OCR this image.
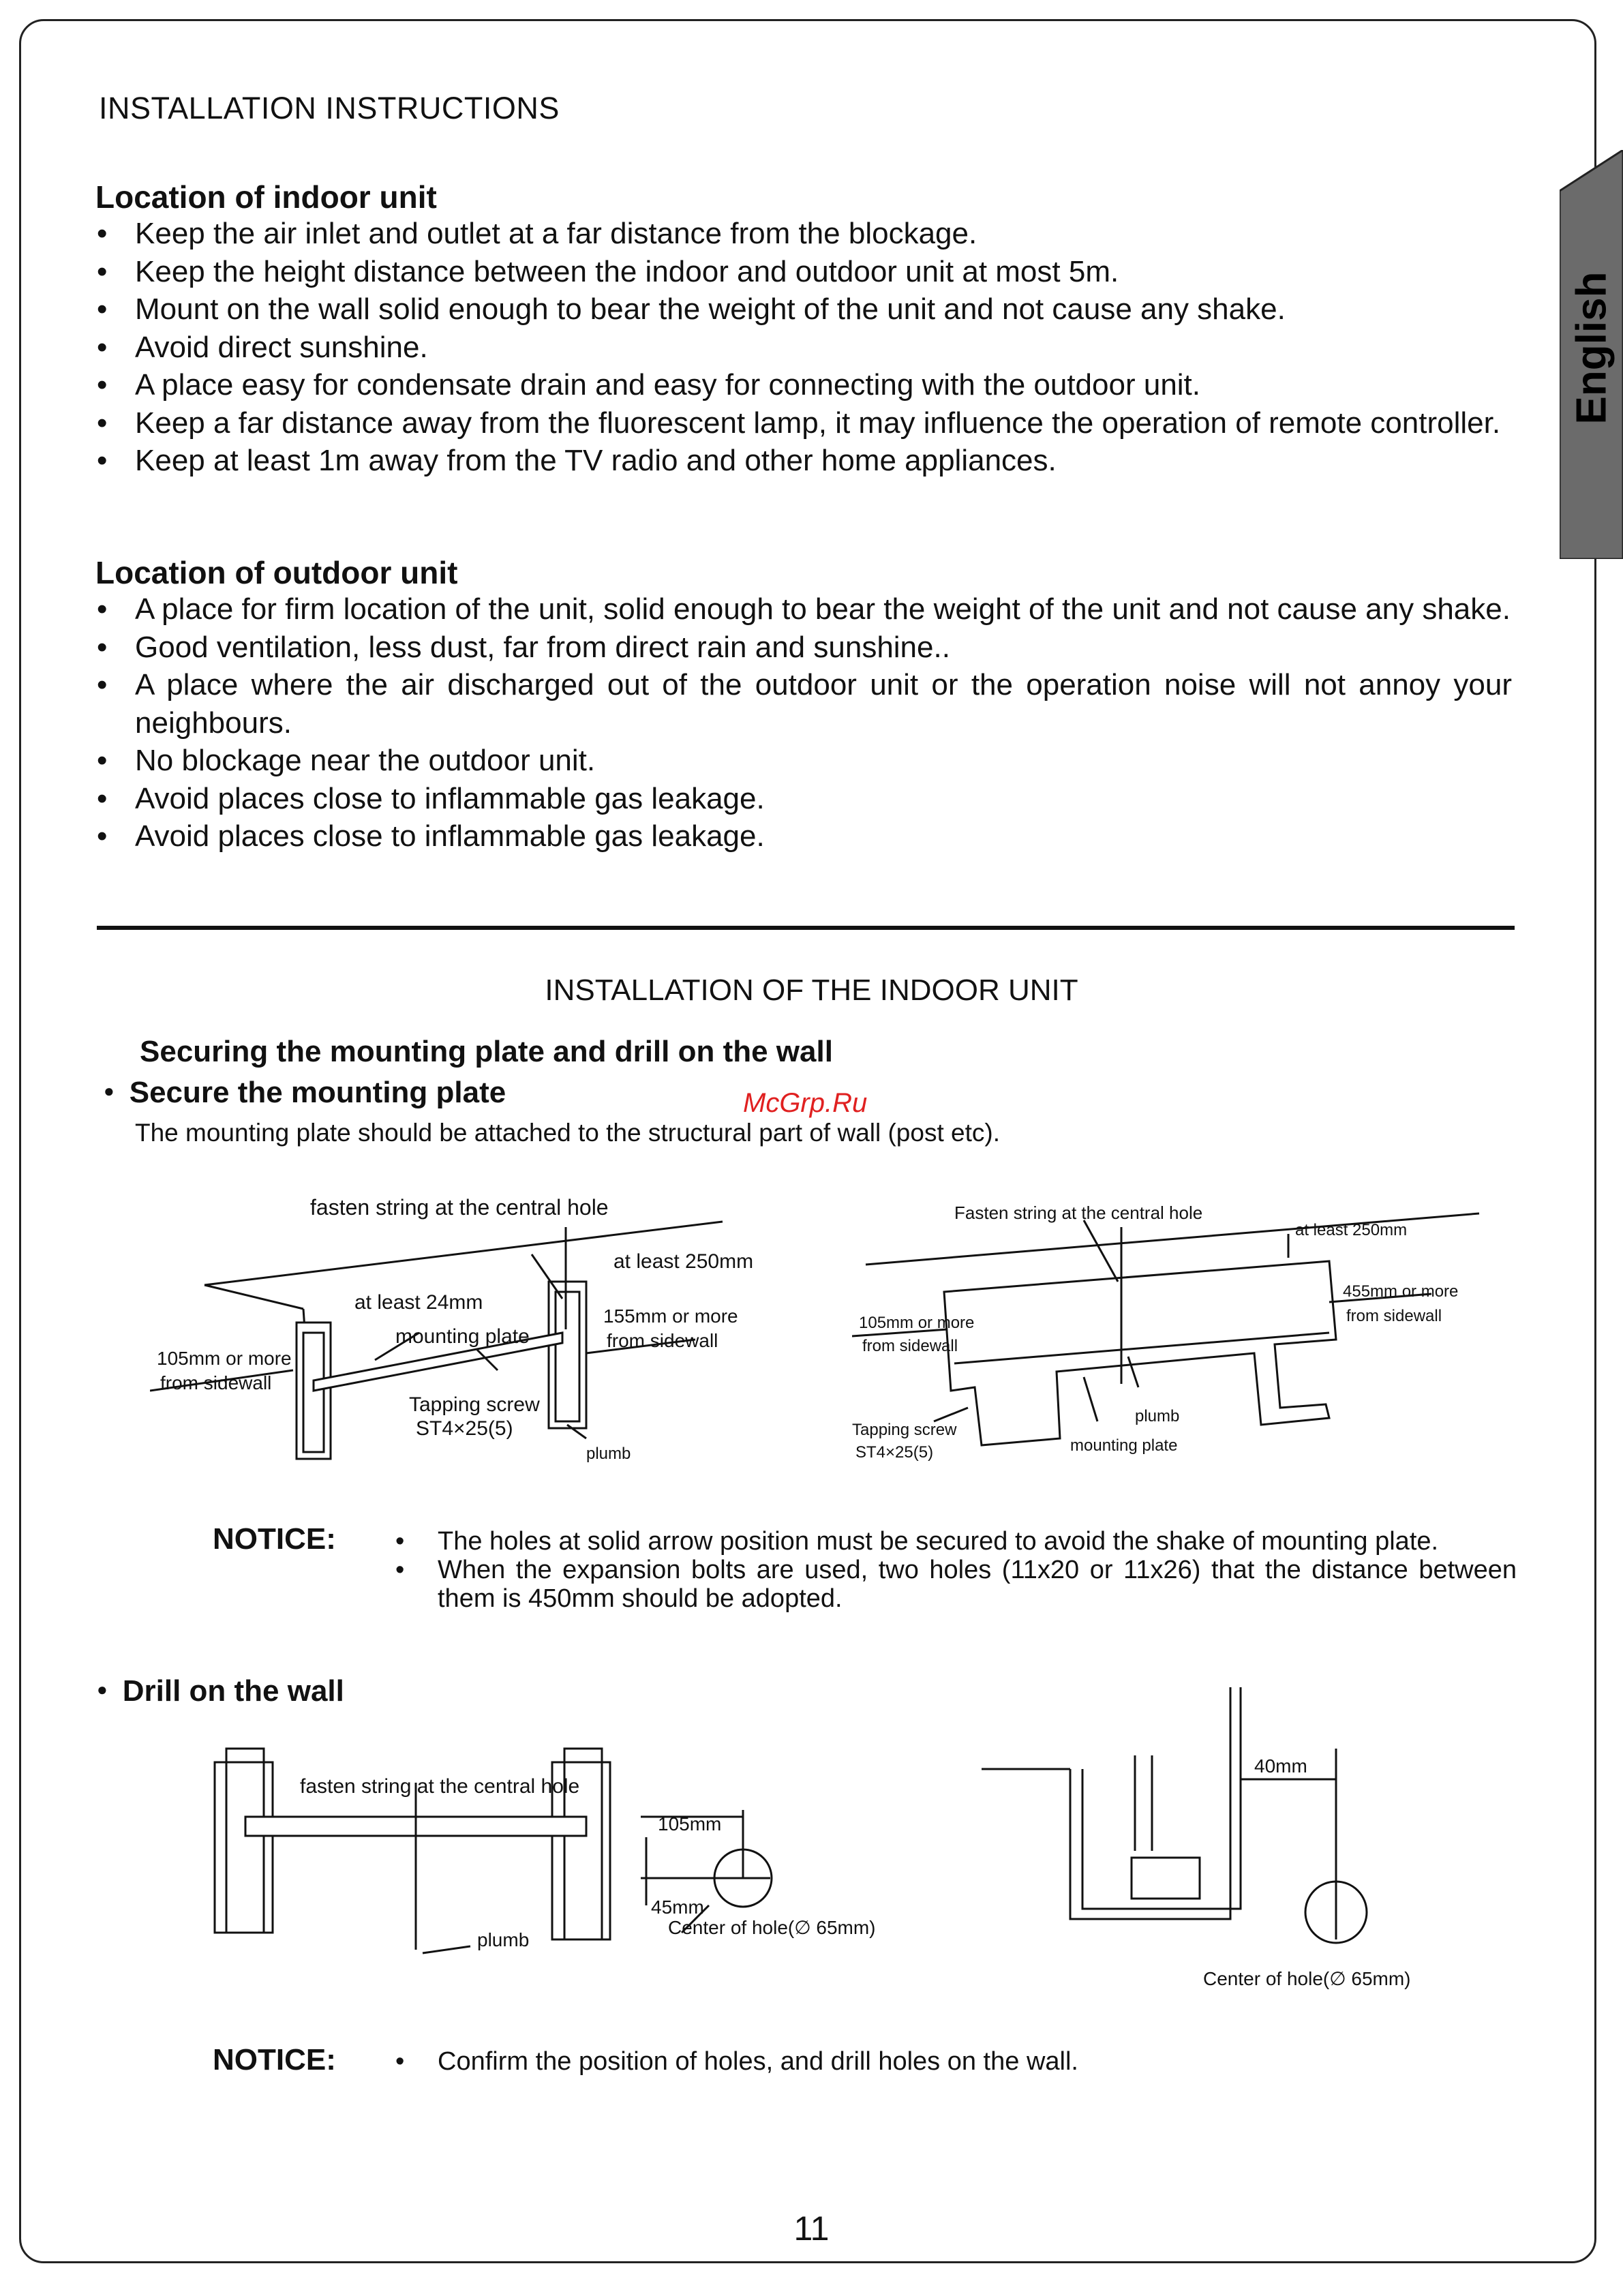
English
INSTALLATION INSTRUCTIONS
Location of indoor unit
• Keep the air inlet and outlet at a far distance from the blockage.
• Keep the height distance between the indoor and outdoor unit at most 5m.
• Mount on the wall solid enough to bear the weight of the unit and not cause any shake.
• Avoid direct sunshine.
• A place easy for condensate drain and easy for connecting with the outdoor unit.
• Keep a far distance away from the fluorescent lamp, it may influence the operation of remote controller.
• Keep at least 1m away from the TV radio and other home appliances.
Location of outdoor unit
• A place for firm location of the unit, solid enough to bear the weight of the unit and not cause any shake.
• Good ventilation, less dust, far from direct rain and sunshine..
• A place where the air discharged out of the outdoor unit or the operation noise will not annoy your neighbours.
• No blockage near the outdoor unit.
• Avoid places close to inflammable gas leakage.
• Avoid places close to inflammable gas leakage.
INSTALLATION OF THE INDOOR UNIT
Securing the mounting plate and drill on the wall
● Secure the mounting plate
The mounting plate should be attached to the structural part of wall (post etc).
McGrp.Ru
fasten string at the central hole
at least 250mm
at least 24mm
mounting plate
105mm or more
from sidewall
155mm or more
from sidewall
Tapping screw
ST4×25(5)
plumb
Fasten string at the central hole
at least 250mm
455mm or more
from sidewall
105mm or more
from sidewall
plumb
Tapping screw
ST4×25(5)	mounting plate
NOTICE:	• The holes at solid arrow position must be secured to avoid the shake of mounting plate.
• When the expansion bolts are used, two holes (11x20 or 11x26) that the distance between them is 450mm should be adopted.
● Drill on the wall
fasten string at the central hole
105mm
45mm
Center of hole(∅ 65mm)
plumb
40mm
Center of hole(∅ 65mm)
NOTICE:	• Confirm the position of holes, and drill holes on the wall.
11
